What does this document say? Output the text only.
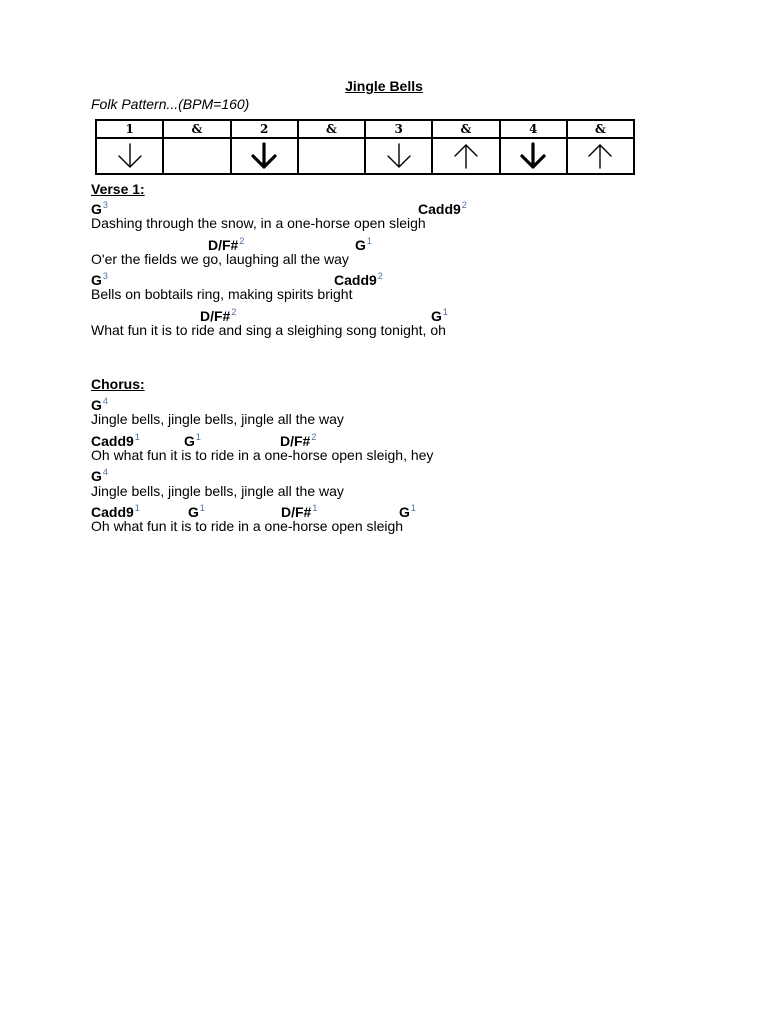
Jingle Bells
Folk Pattern...(BPM=160)
1	&	2	&	3	&	4	&

Verse 1:
$G^3$	$Cadd9^2$
Dashing through the snow, in a one-horse open sleigh
D/F#$^2$	$G^1$
O'er the fields we go, laughing all the way
$G^3$	$Cadd9^2$
Bells on bobtails ring, making spirits bright
D/F#$^2$	$G^1$
What fun it is to ride and sing a sleighing song tonight, oh
Chorus:
$G^4$
Jingle bells, jingle bells, jingle all the way
$Cadd9^1$	$G^1$	D/F#$^2$
Oh what fun it is to ride in a one-horse open sleigh, hey
$G^4$
Jingle bells, jingle bells, jingle all the way
$Cadd9^1$	$G^1$	D/F#$^1$	$G^1$
Oh what fun it is to ride in a one-horse open sleigh
